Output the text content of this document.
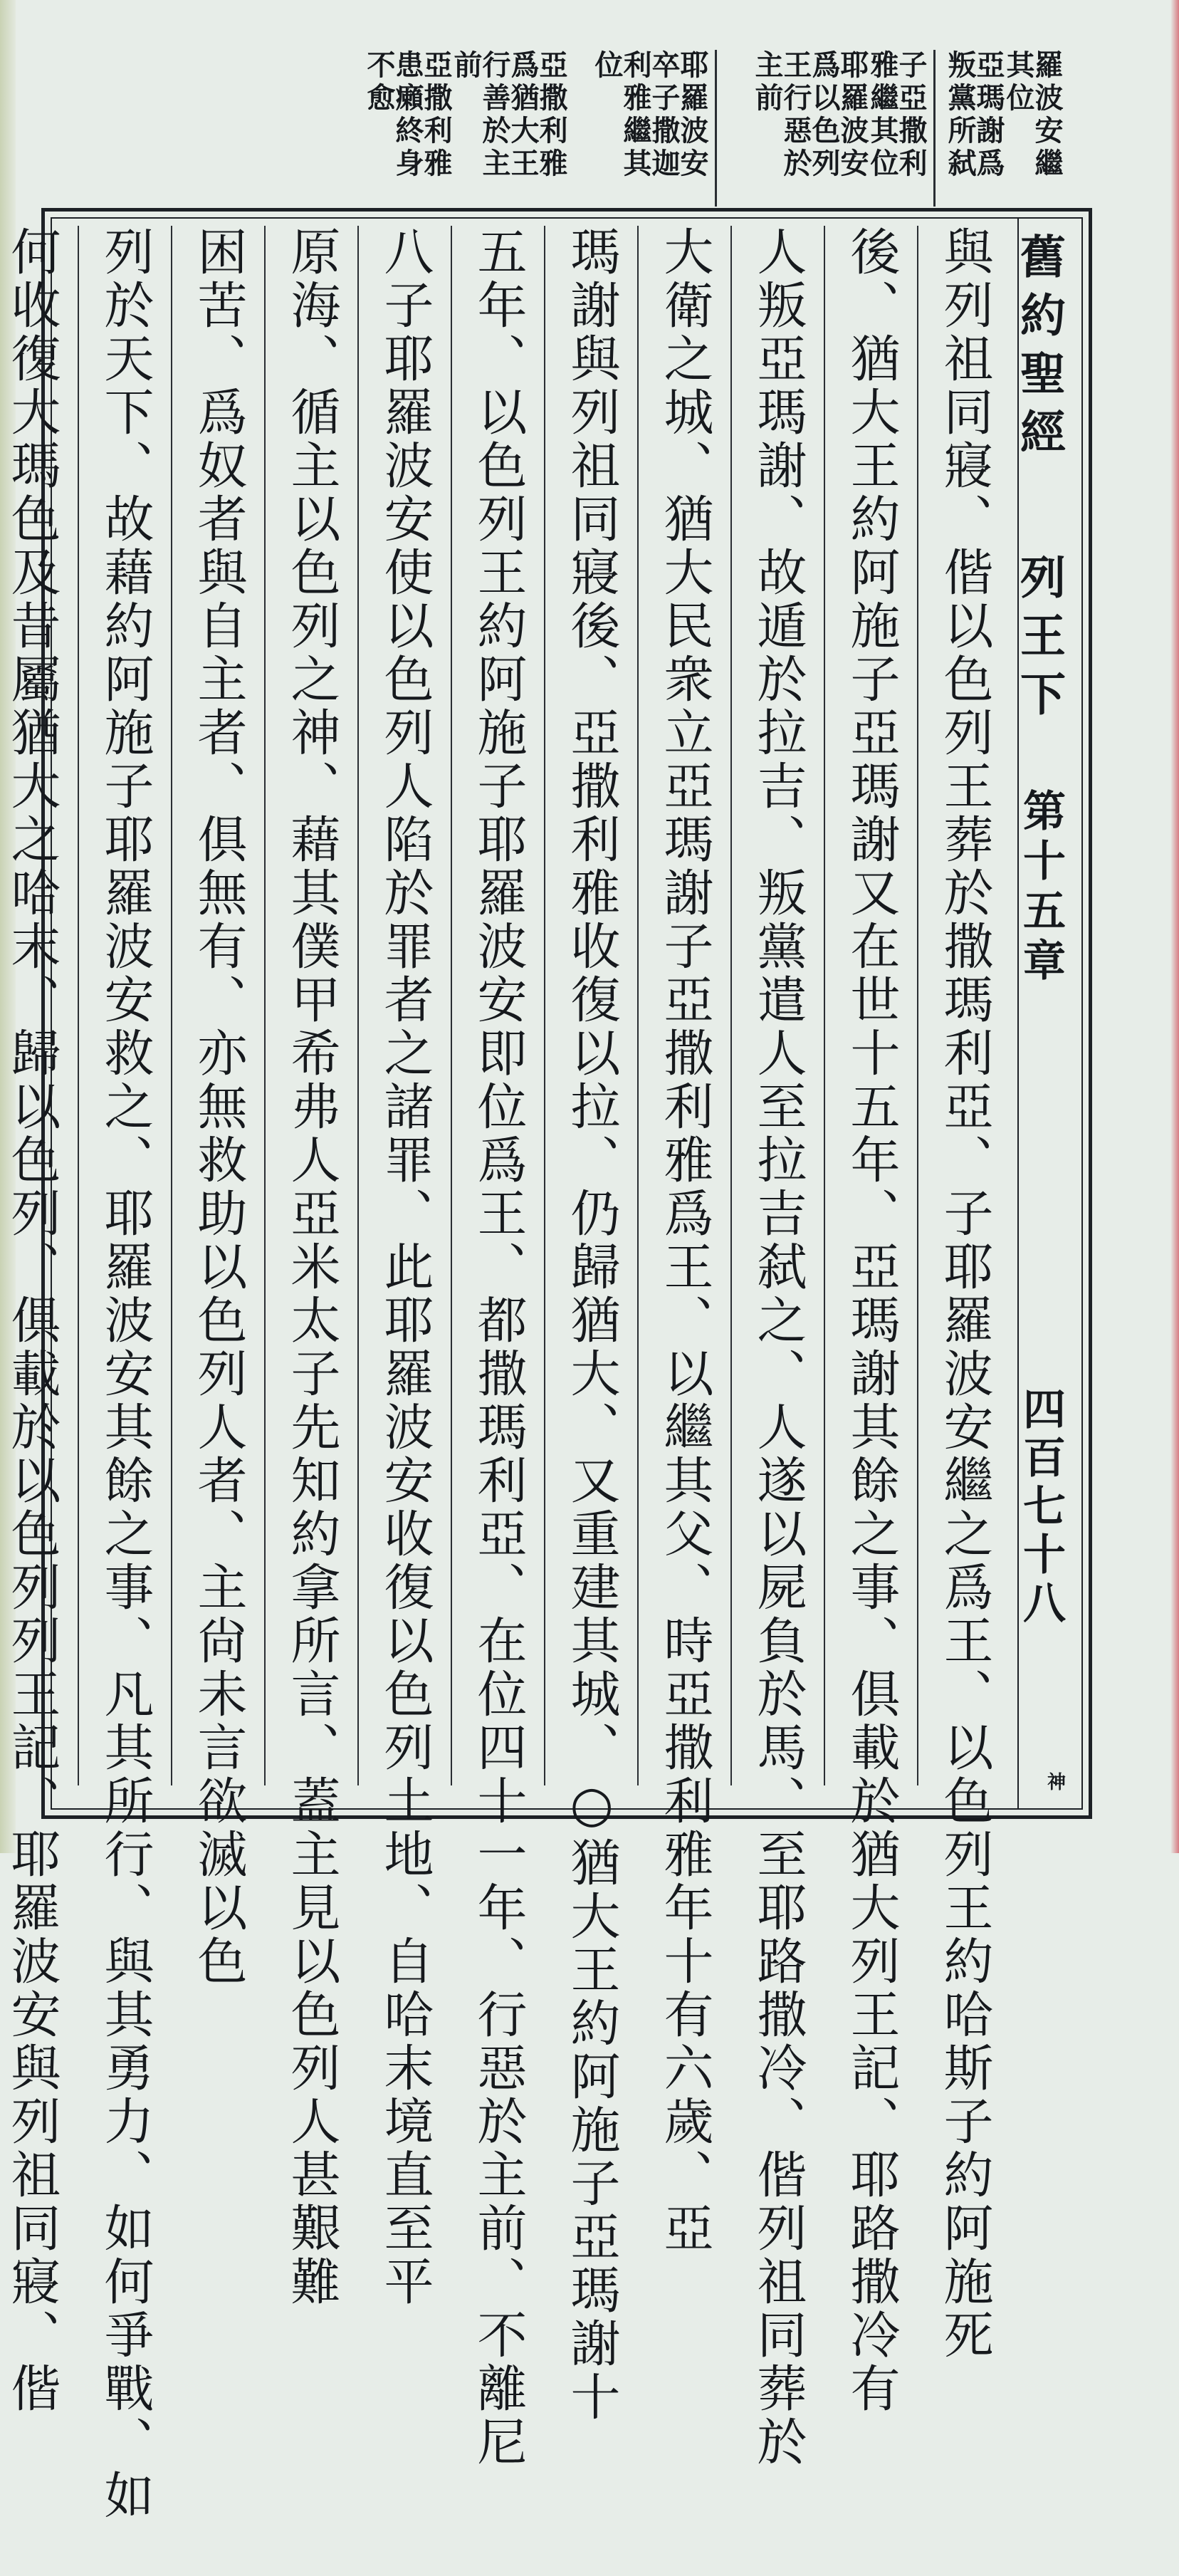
羅波安繼其位
亞瑪謝爲叛黨所弑
子亞撒利雅繼其位
耶羅波安爲以色列王行惡於主前
耶羅波安卒子撒迦利雅繼其位
亞撒利雅爲猶大王行善於主前
亞撒利雅患癩終身不愈
舊約聖經
列王下
第十五章
四百七十八
神
與列祖同寢、偕以色列王葬於撒瑪利亞、子耶羅波安繼之爲王、以色列王約哈斯子約阿施死
後、猶大王約阿施子亞瑪謝又在世十五年、亞瑪謝其餘之事、俱載於猶大列王記、耶路撒冷有
人叛亞瑪謝、故遁於拉吉、叛黨遣人至拉吉弑之、人遂以屍負於馬、至耶路撒冷、偕列祖同葬於
大衛之城、猶大民衆立亞瑪謝子亞撒利雅爲王、以繼其父、時亞撒利雅年十有六歲、亞
瑪謝與列祖同寢後、亞撒利雅收復以拉、仍歸猶大、又重建其城、○猶大王約阿施子亞瑪謝十
五年、以色列王約阿施子耶羅波安即位爲王、都撒瑪利亞、在位四十一年、行惡於主前、不離尼
八子耶羅波安使以色列人陷於罪者之諸罪、此耶羅波安收復以色列土地、自哈末境直至平
原海、循主以色列之神、藉其僕甲希弗人亞米太子先知約拿所言、蓋主見以色列人甚艱難
困苦、爲奴者與自主者、俱無有、亦無救助以色列人者、主尙未言欲滅以色
列於天下、故藉約阿施子耶羅波安救之、耶羅波安其餘之事、凡其所行、與其勇力、如何爭戰、如
何收復大瑪色及昔屬猶大之哈末、歸以色列、俱載於以色列列王記、耶羅波安與列祖同寢、偕
